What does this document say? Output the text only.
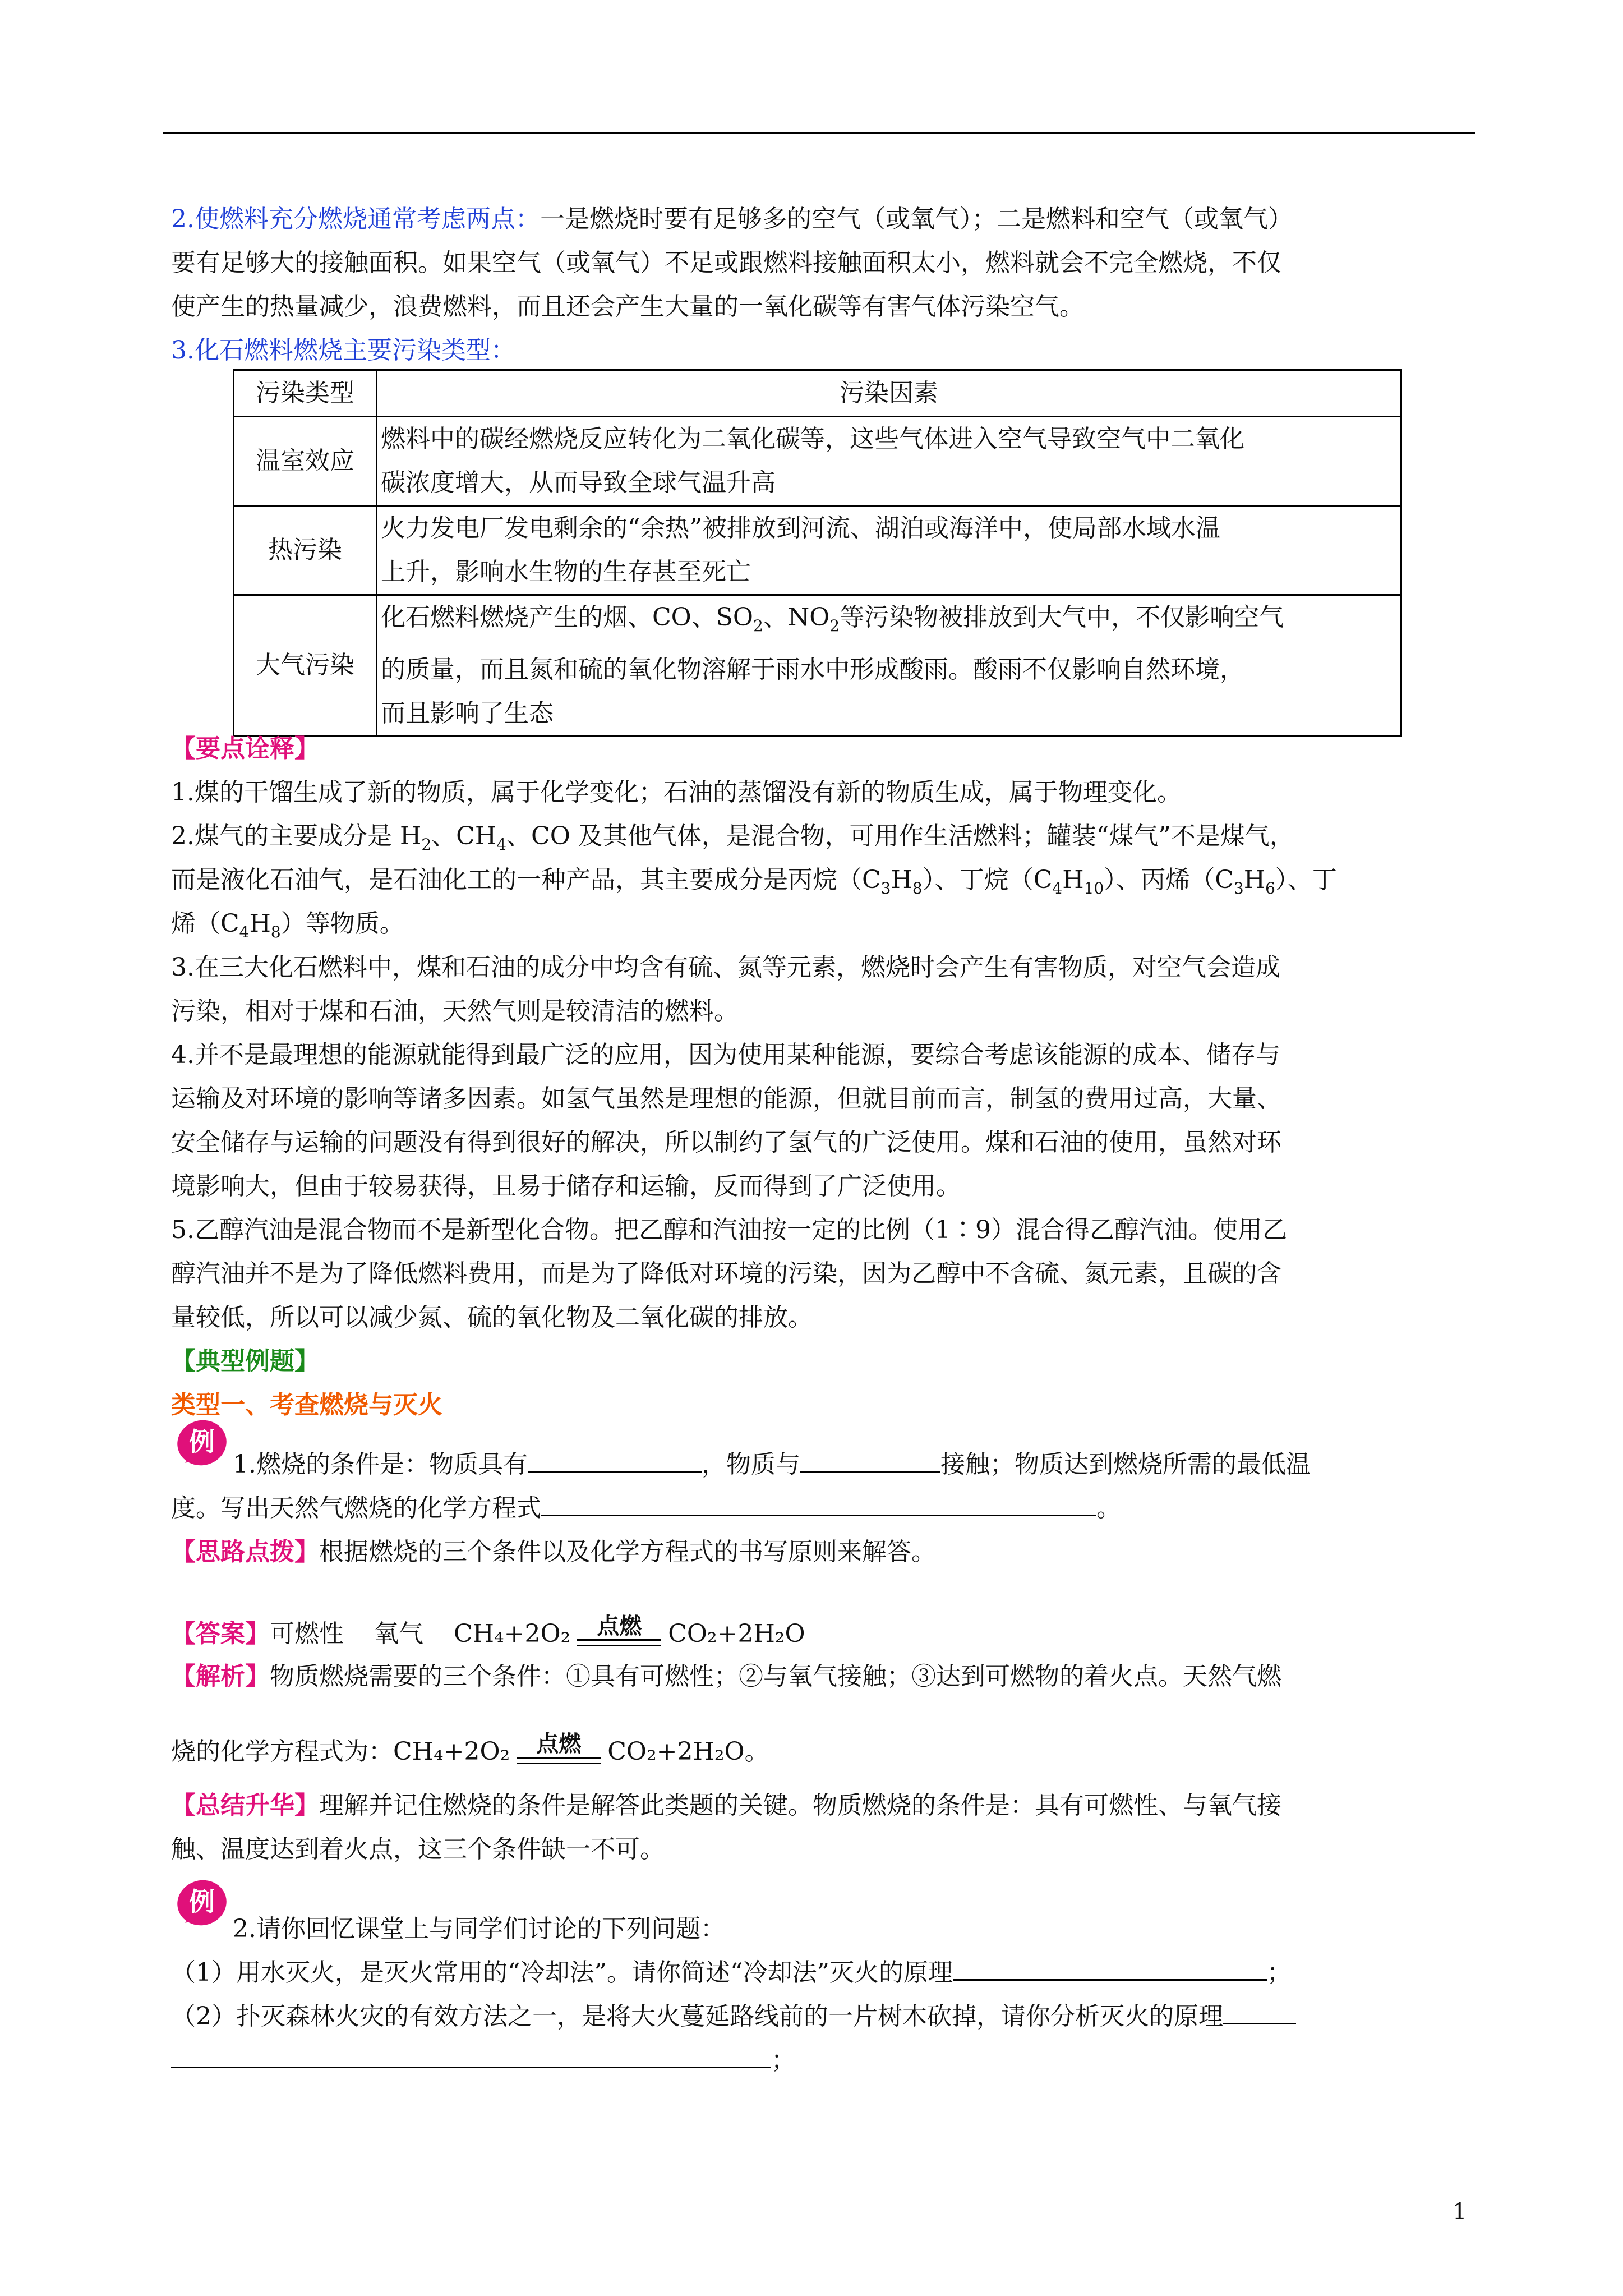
2.使燃料充分燃烧通常考虑两点：一是燃烧时要有足够多的空气（或氧气）；二是燃料和空气（或氧气）
要有足够大的接触面积。如果空气（或氧气）不足或跟燃料接触面积太小，燃料就会不完全燃烧，不仅
使产生的热量减少，浪费燃料，而且还会产生大量的一氧化碳等有害气体污染空气。
3.化石燃料燃烧主要污染类型：
污染类型	污染因素
温室效应	燃料中的碳经燃烧反应转化为二氧化碳等，这些气体进入空气导致空气中二氧化
碳浓度增大，从而导致全球气温升高

热污染	火力发电厂发电剩余的“余热”被排放到河流、湖泊或海洋中，使局部水域水温
上升，影响水生物的生存甚至死亡

大气污染	化石燃料燃烧产生的烟、CO、$SO_2$、$NO_2$等污染物被排放到大气中，不仅影响空气
的质量，而且氮和硫的氧化物溶解于雨水中形成酸雨。酸雨不仅影响自然环境，
而且影响了生态
【要点诠释】
1.煤的干馏生成了新的物质，属于化学变化；石油的蒸馏没有新的物质生成，属于物理变化。
2.煤气的主要成分是 $H_2$、$CH_4$、CO 及其他气体，是混合物，可用作生活燃料；罐装“煤气”不是煤气，
而是液化石油气，是石油化工的一种产品，其主要成分是丙烷$(C_3H_8)$、丁烷$(C_4H_{10})$、丙烯$(C_3H_6)$、丁
烯$(C_4H_8)$等物质。
3.在三大化石燃料中，煤和石油的成分中均含有硫、氮等元素，燃烧时会产生有害物质，对空气会造成
污染，相对于煤和石油，天然气则是较清洁的燃料。
4.并不是最理想的能源就能得到最广泛的应用，因为使用某种能源，要综合考虑该能源的成本、储存与
运输及对环境的影响等诸多因素。如氢气虽然是理想的能源，但就目前而言，制氢的费用过高，大量、
安全储存与运输的问题没有得到很好的解决，所以制约了氢气的广泛使用。煤和石油的使用，虽然对环
境影响大，但由于较易获得，且易于储存和运输，反而得到了广泛使用。
5.乙醇汽油是混合物而不是新型化合物。把乙醇和汽油按一定的比例（1∶9）混合得乙醇汽油。使用乙
醇汽油并不是为了降低燃料费用，而是为了降低对环境的污染，因为乙醇中不含硫、氮元素，且碳的含
量较低，所以可以减少氮、硫的氧化物及二氧化碳的排放。
【典型例题】
类型一、考查燃烧与灭火
例
1.燃烧的条件是：物质具有	，物质与	接触；物质达到燃烧所需的最低温
度。写出天然气燃烧的化学方程式	。
【思路点拨】根据燃烧的三个条件以及化学方程式的书写原则来解答。
【答案】可燃性 氧气 CH₄+2O₂	点燃	CO₂+2H₂O
【解析】物质燃烧需要的三个条件：①具有可燃性；②与氧气接触；③达到可燃物的着火点。天然气燃
烧的化学方程式为：CH₄+2O₂	点燃	CO₂+2H₂O。
【总结升华】理解并记住燃烧的条件是解答此类题的关键。物质燃烧的条件是：具有可燃性、与氧气接
触、温度达到着火点，这三个条件缺一不可。
例
2.请你回忆课堂上与同学们讨论的下列问题：
（1）用水灭火，是灭火常用的“冷却法”。请你简述“冷却法”灭火的原理	；
（2）扑灭森林火灾的有效方法之一，是将大火蔓延路线前的一片树木砍掉，请你分析灭火的原理
；
1
